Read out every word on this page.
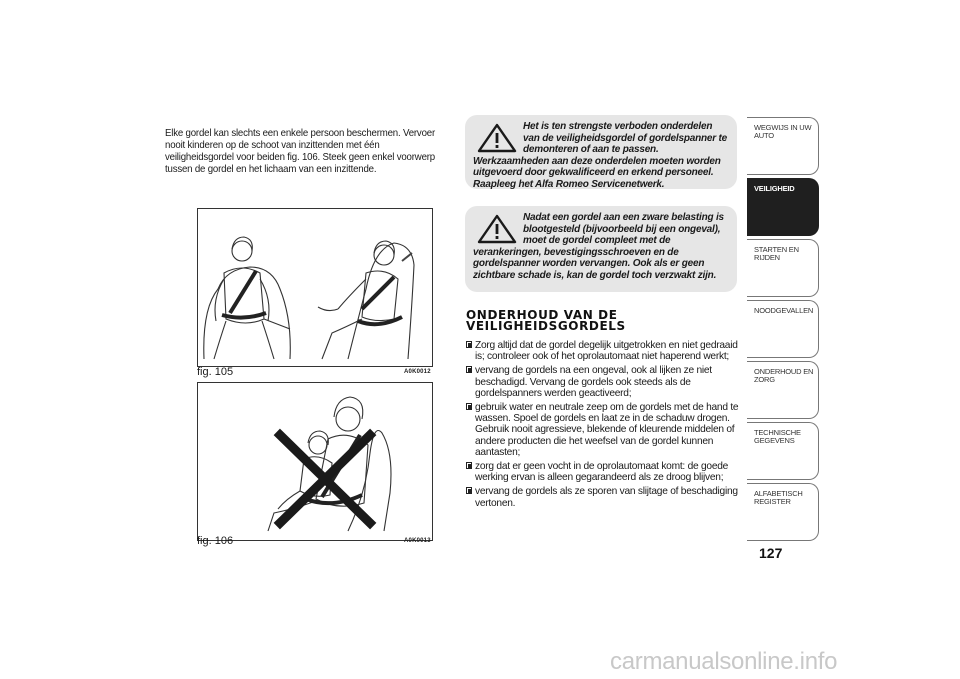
Elke gordel kan slechts een enkele persoon beschermen. Vervoer nooit kinderen op de schoot van inzittenden met één veiligheidsgordel voor beiden fig. 106. Steek geen enkel voorwerp tussen de gordel en het lichaam van een inzittende.

fig. 105	A0K0012
fig. 106	A0K0013

Het is ten strengste verboden onderdelen van de veiligheidsgordel of gordelspanner te demonteren of aan te passen. Werkzaamheden aan deze onderdelen moeten worden uitgevoerd door gekwalificeerd en erkend personeel. Raapleeg het Alfa Romeo Servicenetwerk.

Nadat een gordel aan een zware belasting is blootgesteld (bijvoorbeeld bij een ongeval), moet de gordel compleet met de verankeringen, bevestigingsschroeven en de gordelspanner worden vervangen. Ook als er geen zichtbare schade is, kan de gordel toch verzwakt zijn.

ONDERHOUD VAN DE VEILIGHEIDSGORDELS
Zorg altijd dat de gordel degelijk uitgetrokken en niet gedraaid is; controleer ook of het oprolautomaat niet haperend werkt;
vervang de gordels na een ongeval, ook al lijken ze niet beschadigd. Vervang de gordels ook steeds als de gordelspanners werden geactiveerd;
gebruik water en neutrale zeep om de gordels met de hand te wassen. Spoel de gordels en laat ze in de schaduw drogen. Gebruik nooit agressieve, blekende of kleurende middelen of andere producten die het weefsel van de gordel kunnen aantasten;
zorg dat er geen vocht in de oprolautomaat komt: de goede werking ervan is alleen gegarandeerd als ze droog blijven;
vervang de gordels als ze sporen van slijtage of beschadiging vertonen.
WEGWIJS IN UW AUTO
VEILIGHEID
STARTEN EN RIJDEN
NOODGEVALLEN
ONDERHOUD EN ZORG
TECHNISCHE GEGEVENS
ALFABETISCH REGISTER
127
carmanualsonline.info
